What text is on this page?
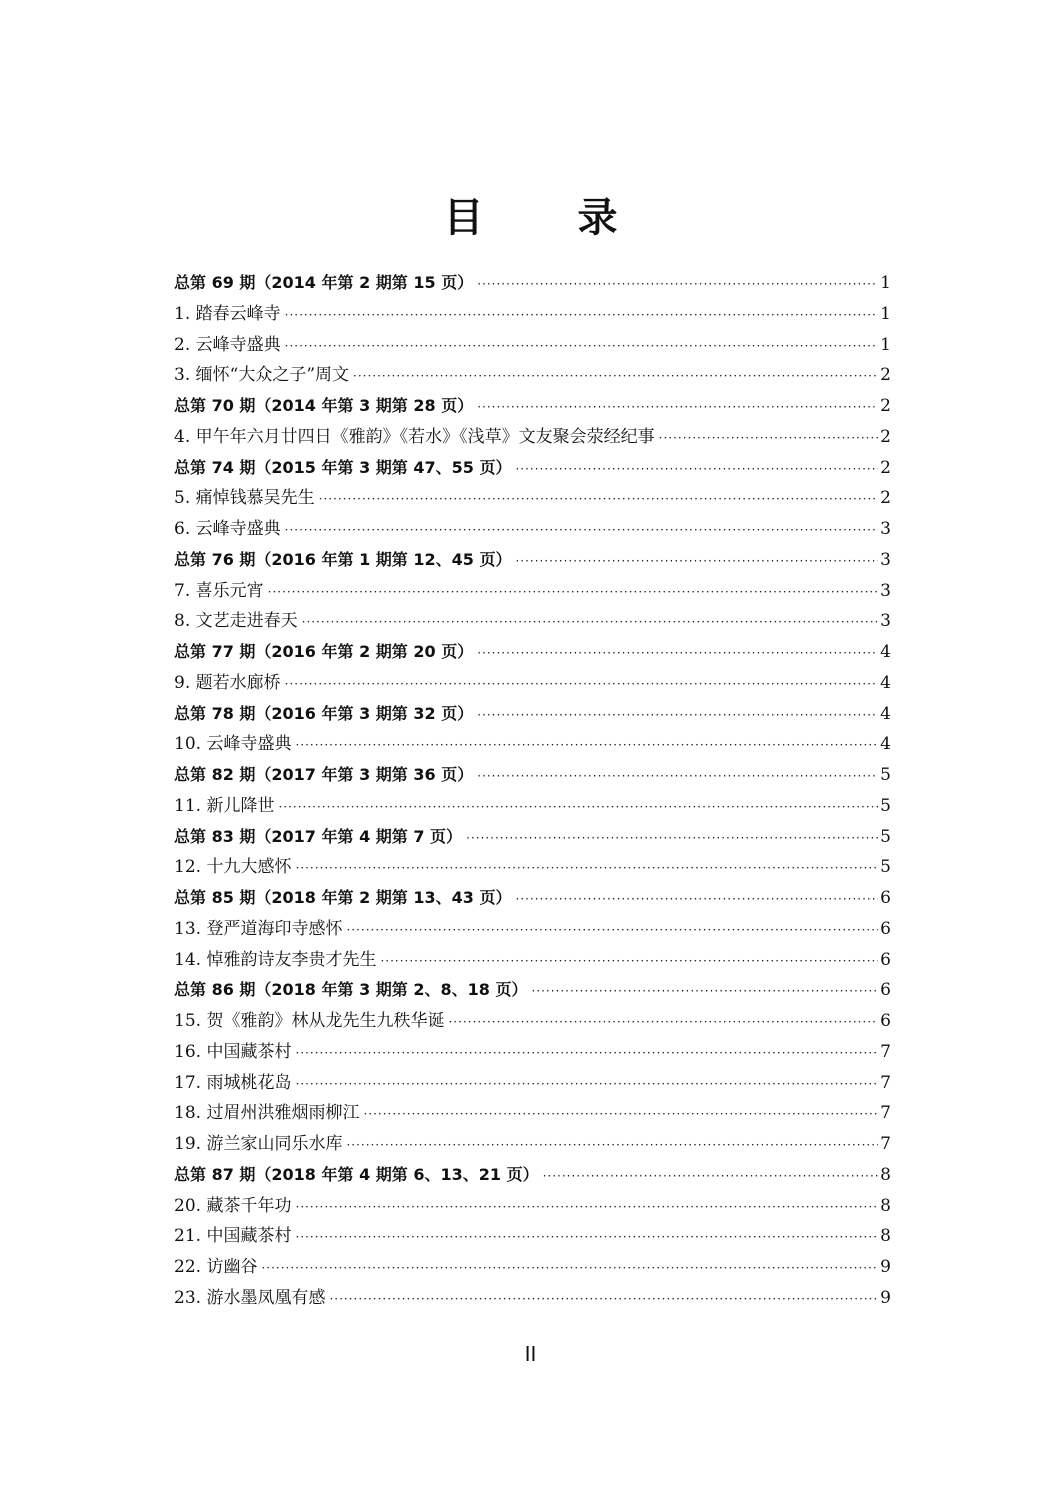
目 录
总第 69 期（2014 年第 2 期第 15 页） ·····	1
1. 踏春云峰寺 ·····	1
2. 云峰寺盛典 ·····	1
3. 缅怀“大众之子”周文 ·····	2
总第 70 期（2014 年第 3 期第 28 页） ·····	2
4. 甲午年六月廿四日《雅韵》《若水》《浅草》文友聚会荥经纪事 ·····	2
总第 74 期（2015 年第 3 期第 47、55 页） ·····	2
5. 痛悼钱慕吴先生 ·····	2
6. 云峰寺盛典 ·····	3
总第 76 期（2016 年第 1 期第 12、45 页） ·····	3
7. 喜乐元宵 ·····	3
8. 文艺走进春天 ·····	3
总第 77 期（2016 年第 2 期第 20 页） ·····	4
9. 题若水廊桥 ·····	4
总第 78 期（2016 年第 3 期第 32 页） ·····	4
10. 云峰寺盛典 ·····	4
总第 82 期（2017 年第 3 期第 36 页） ·····	5
11. 新儿降世 ·····	5
总第 83 期（2017 年第 4 期第 7 页） ·····	5
12. 十九大感怀 ·····	5
总第 85 期（2018 年第 2 期第 13、43 页） ·····	6
13. 登严道海印寺感怀 ·····	6
14. 悼雅韵诗友李贵才先生 ·····	6
总第 86 期（2018 年第 3 期第 2、8、18 页） ·····	6
15. 贺《雅韵》林从龙先生九秩华诞 ·····	6
16. 中国藏茶村 ·····	7
17. 雨城桃花岛 ·····	7
18. 过眉州洪雅烟雨柳江 ·····	7
19. 游兰家山同乐水库 ·····	7
总第 87 期（2018 年第 4 期第 6、13、21 页） ·····	8
20. 藏茶千年功 ·····	8
21. 中国藏茶村 ·····	8
22. 访幽谷 ·····	9
23. 游水墨凤凰有感 ·····	9
II
